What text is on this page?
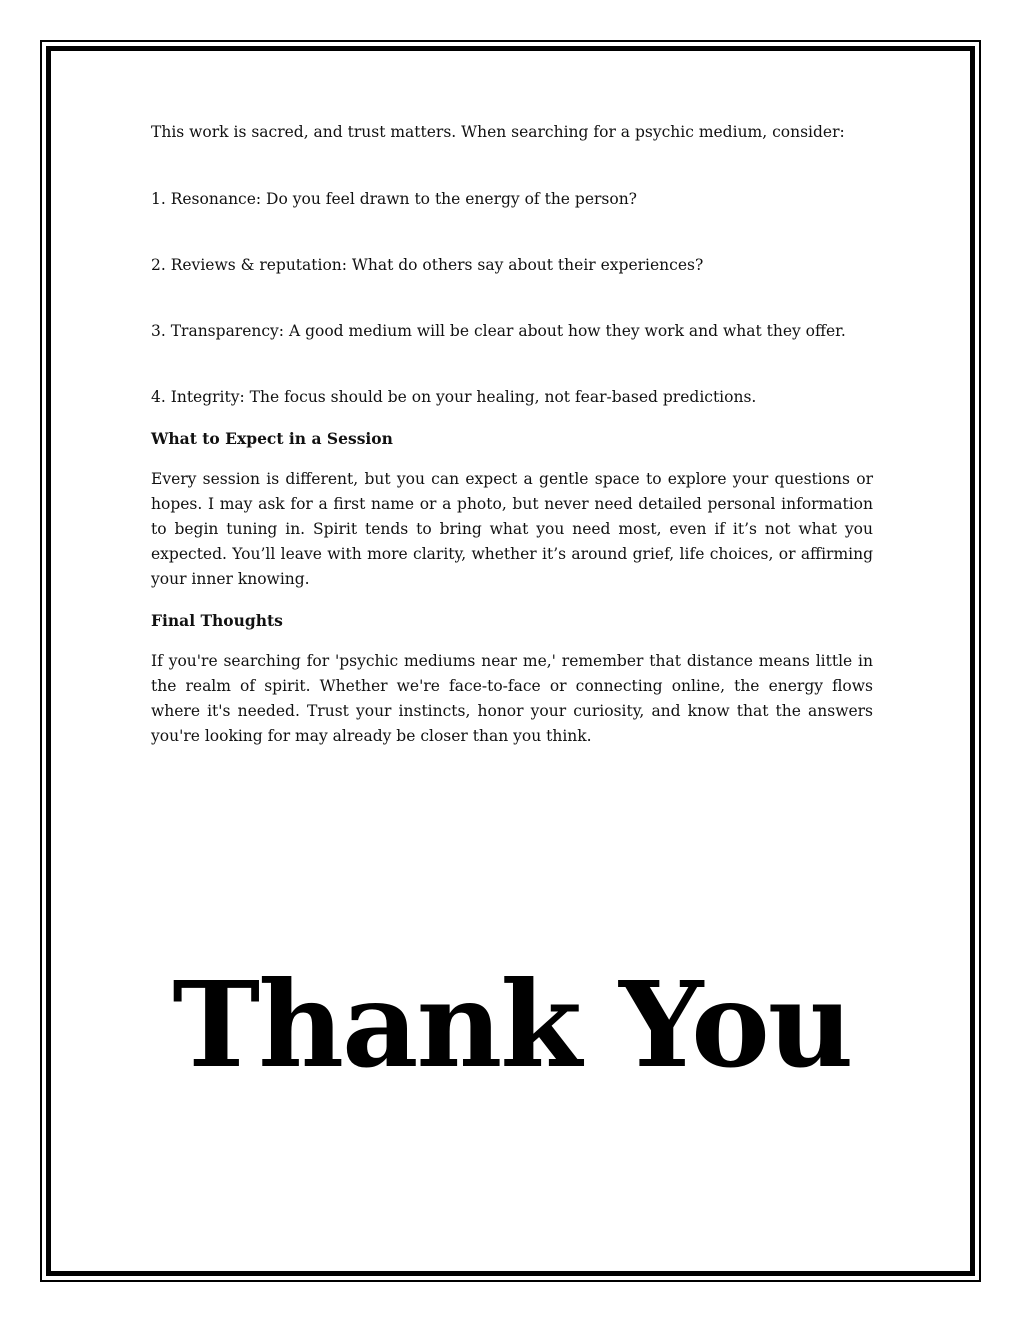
This work is sacred, and trust matters. When searching for a psychic medium, consider:

1. Resonance: Do you feel drawn to the energy of the person?

2. Reviews & reputation: What do others say about their experiences?

3. Transparency: A good medium will be clear about how they work and what they offer.

4. Integrity: The focus should be on your healing, not fear-based predictions.

What to Expect in a Session

Every session is different, but you can expect a gentle space to explore your questions or hopes. I may ask for a first name or a photo, but never need detailed personal information to begin tuning in. Spirit tends to bring what you need most, even if it’s not what you expected. You’ll leave with more clarity, whether it’s around grief, life choices, or affirming your inner knowing.

Final Thoughts

If you're searching for 'psychic mediums near me,' remember that distance means little in the realm of spirit. Whether we're face-to-face or connecting online, the energy flows where it's needed. Trust your instincts, honor your curiosity, and know that the answers you're looking for may already be closer than you think.

Thank You
